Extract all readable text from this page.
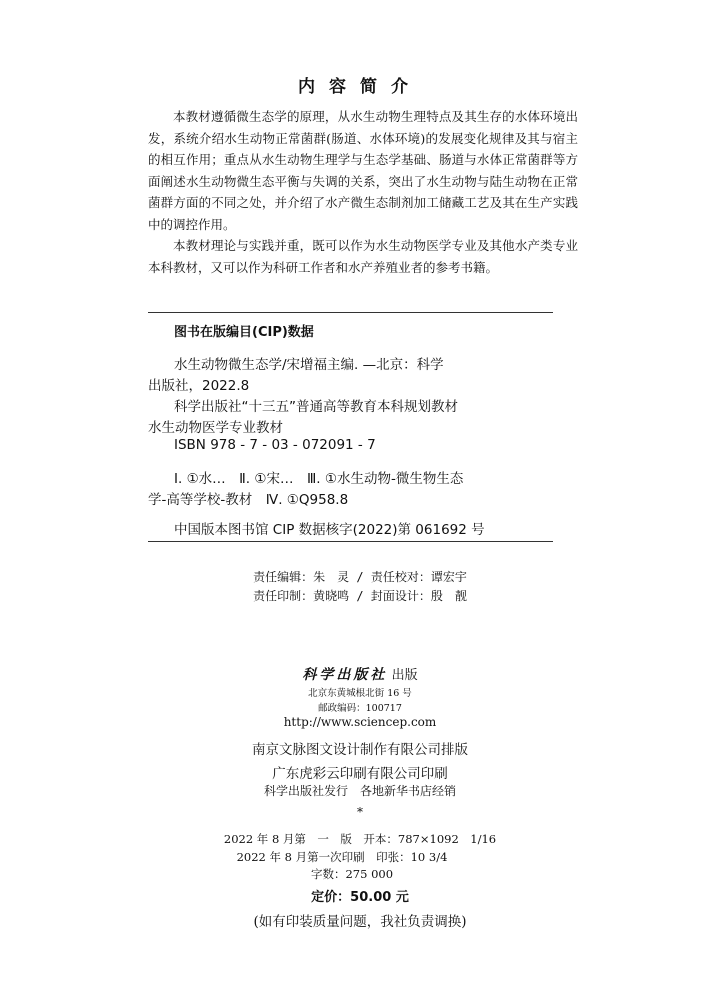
内容简介

本教材遵循微生态学的原理，从水生动物生理特点及其生存的水体环境出发，系统介绍水生动物正常菌群(肠道、水体环境)的发展变化规律及其与宿主的相互作用；重点从水生动物生理学与生态学基础、肠道与水体正常菌群等方面阐述水生动物微生态平衡与失调的关系，突出了水生动物与陆生动物在正常菌群方面的不同之处，并介绍了水产微生态制剂加工储藏工艺及其在生产实践中的调控作用。

本教材理论与实践并重，既可以作为水生动物医学专业及其他水产类专业本科教材，又可以作为科研工作者和水产养殖业者的参考书籍。

图书在版编目(CIP)数据
水生动物微生态学/宋增福主编. —北京：科学
出版社，2022.8
科学出版社“十三五”普通高等教育本科规划教材
水生动物医学专业教材
ISBN 978 - 7 - 03 - 072091 - 7
Ⅰ. ①水…　Ⅱ. ①宋…　Ⅲ. ①水生动物-微生物生态
学-高等学校-教材　Ⅳ. ①Q958.8
中国版本图书馆 CIP 数据核字(2022)第 061692 号
责任编辑：朱　灵 / 责任校对：谭宏宇
责任印制：黄晓鸣 / 封面设计：殷　靓
科学出版社 出版
北京东黄城根北街 16 号
邮政编码：100717
http://www.sciencep.com
南京文脉图文设计制作有限公司排版
广东虎彩云印刷有限公司印刷
科学出版社发行　各地新华书店经销
*
2022 年 8 月第　一　版　开本：787×1092　1/16
2022 年 8 月第一次印刷　印张：10 3/4
字数：275 000
定价：50.00 元
(如有印装质量问题，我社负责调换)
